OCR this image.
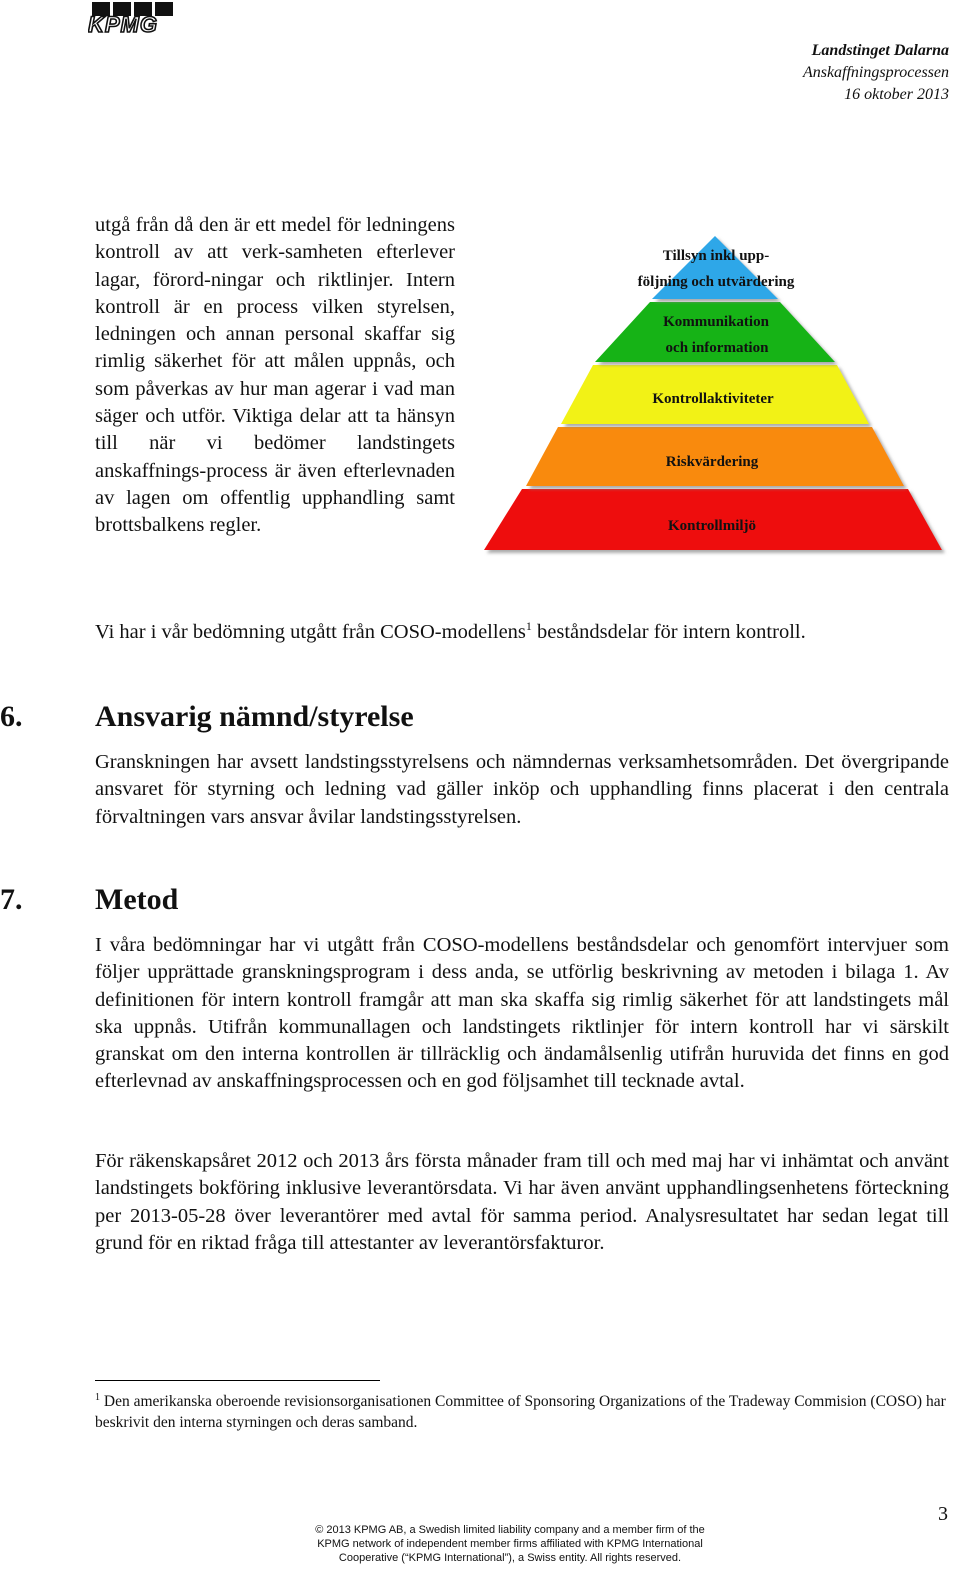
KPMG
Landstinget Dalarna
Anskaffningsprocessen
16 oktober 2013
utgå från då den är ett medel för ledningens kontroll av att verk-samheten efterlever lagar, förord-ningar och riktlinjer. Intern kontroll är en process vilken styrelsen, ledningen och annan personal skaffar sig rimlig säkerhet för att målen uppnås, och som påverkas av hur man agerar i vad man säger och utför. Viktiga delar att ta hänsyn till när vi bedömer landstingets anskaffnings-process är även efterlevnaden av lagen om offentlig upphandling samt brottsbalkens regler.
Tillsyn inkl upp-
följning och utvärdering
Kommunikation
och information
Kontrollaktiviteter
Riskvärdering
Kontrollmiljö
Vi har i vår bedömning utgått från COSO-modellens$^1$ beståndsdelar för intern kontroll.
6. Ansvarig nämnd/styrelse
Granskningen har avsett landstingsstyrelsens och nämndernas verksamhetsområden. Det övergripande ansvaret för styrning och ledning vad gäller inköp och upphandling finns placerat i den centrala förvaltningen vars ansvar åvilar landstingsstyrelsen.
7. Metod
I våra bedömningar har vi utgått från COSO-modellens beståndsdelar och genomfört intervjuer som följer upprättade granskningsprogram i dess anda, se utförlig beskrivning av metoden i bilaga 1. Av definitionen för intern kontroll framgår att man ska skaffa sig rimlig säkerhet för att landstingets mål ska uppnås. Utifrån kommunallagen och landstingets riktlinjer för intern kontroll har vi särskilt granskat om den interna kontrollen är tillräcklig och ändamålsenlig utifrån huruvida det finns en god efterlevnad av anskaffningsprocessen och en god följsamhet till tecknade avtal.
För räkenskapsåret 2012 och 2013 års första månader fram till och med maj har vi inhämtat och använt landstingets bokföring inklusive leverantörsdata. Vi har även använt upphandlingsenhetens förteckning per 2013-05-28 över leverantörer med avtal för samma period. Analysresultatet har sedan legat till grund för en riktad fråga till attestanter av leverantörsfakturor.
$^1$ Den amerikanska oberoende revisionsorganisationen Committee of Sponsoring Organizations of the Tradeway Commision (COSO) har beskrivit den interna styrningen och deras samband.
© 2013 KPMG AB, a Swedish limited liability company and a member firm of the
KPMG network of independent member firms affiliated with KPMG International
Cooperative (“KPMG International”), a Swiss entity. All rights reserved.
3
